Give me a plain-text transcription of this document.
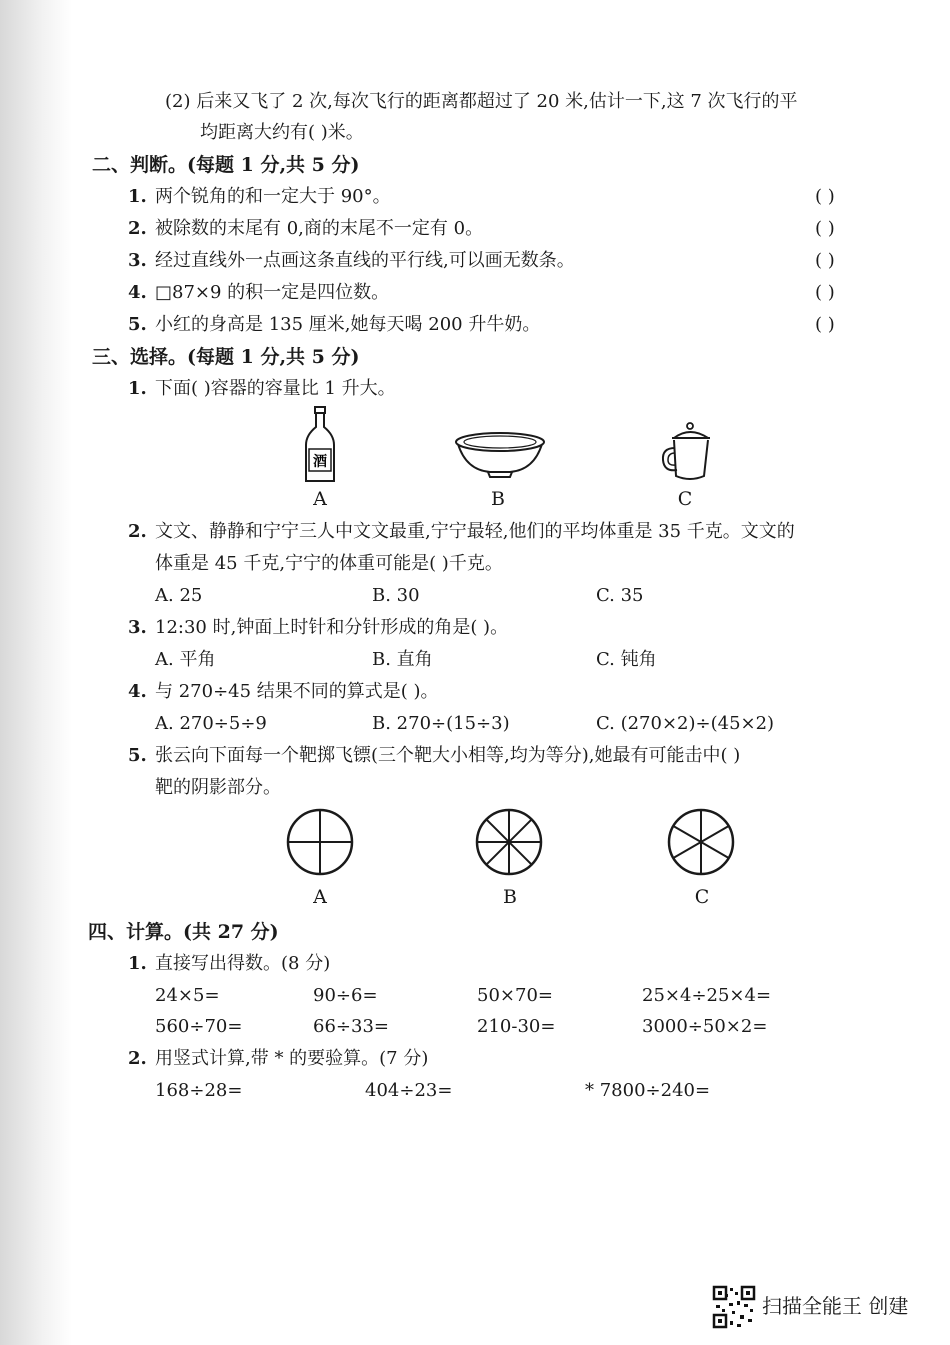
(2) 后来又飞了 2 次,每次飞行的距离都超过了 20 米,估计一下,这 7 次飞行的平
均距离大约有( )米。
二、判断。(每题 1 分,共 5 分)
1. 两个锐角的和一定大于 90°。	( )
2. 被除数的末尾有 0,商的末尾不一定有 0。	( )
3. 经过直线外一点画这条直线的平行线,可以画无数条。	( )
4. □87×9 的积一定是四位数。	( )
5. 小红的身高是 135 厘米,她每天喝 200 升牛奶。	( )
三、选择。(每题 1 分,共 5 分)
1. 下面( )容器的容量比 1 升大。
酒
A	B	C
2. 文文、静静和宁宁三人中文文最重,宁宁最轻,他们的平均体重是 35 千克。文文的
体重是 45 千克,宁宁的体重可能是( )千克。
A. 25	B. 30	C. 35
3. 12:30 时,钟面上时针和分针形成的角是( )。
A. 平角	B. 直角	C. 钝角
4. 与 270÷45 结果不同的算式是( )。
A. 270÷5÷9	B. 270÷(15÷3)	C. (270×2)÷(45×2)
5. 张云向下面每一个靶掷飞镖(三个靶大小相等,均为等分),她最有可能击中( )
靶的阴影部分。
A	B	C
四、计算。(共 27 分)
1. 直接写出得数。(8 分)
24×5=	90÷6=	50×70=	25×4÷25×4=
560÷70=	66÷33=	210-30=	3000÷50×2=
2. 用竖式计算,带 * 的要验算。(7 分)
168÷28=	404÷23=	* 7800÷240=
扫描全能王 创建
